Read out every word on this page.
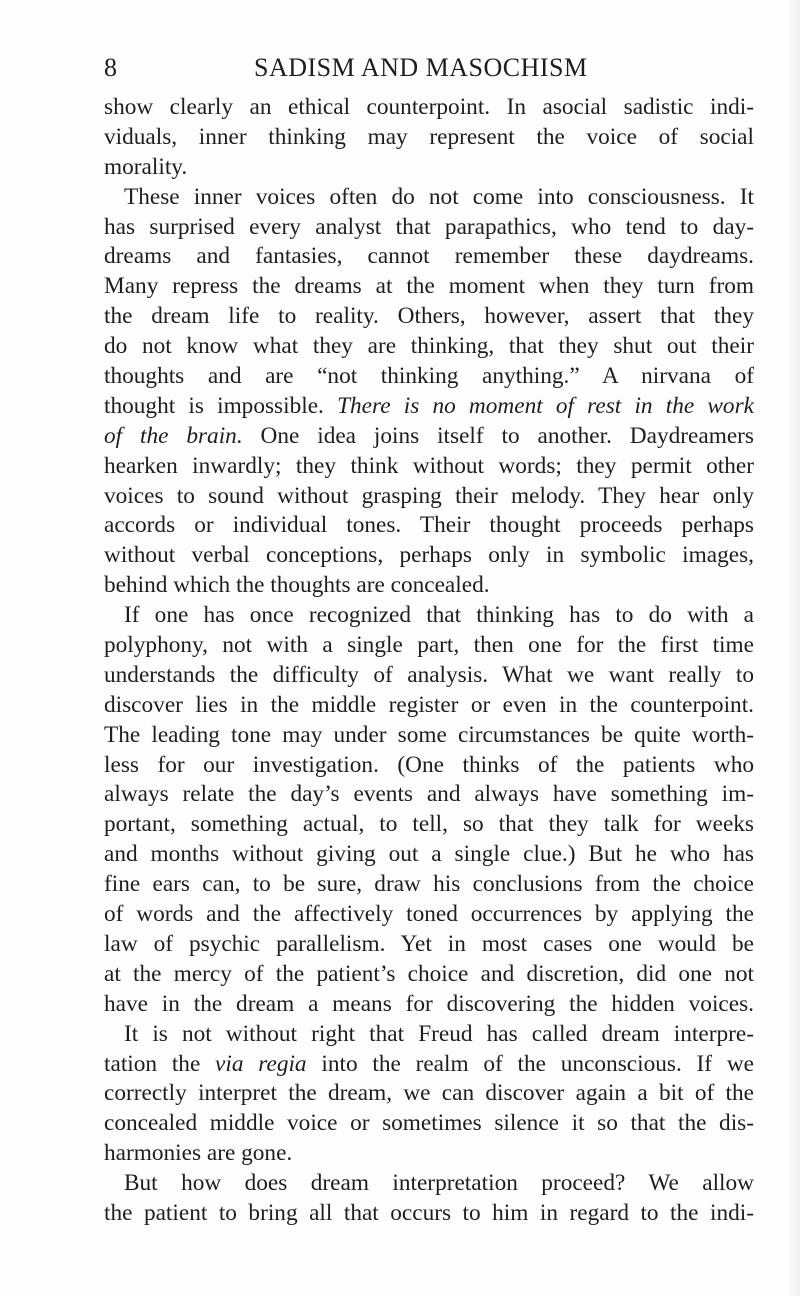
8	SADISM AND MASOCHISM
show clearly an ethical counterpoint. In asocial sadistic indi-
viduals, inner thinking may represent the voice of social
morality.
These inner voices often do not come into consciousness. It
has surprised every analyst that parapathics, who tend to day-
dreams and fantasies, cannot remember these daydreams.
Many repress the dreams at the moment when they turn from
the dream life to reality. Others, however, assert that they
do not know what they are thinking, that they shut out their
thoughts and are “not thinking anything.” A nirvana of
thought is impossible. There is no moment of rest in the work
of the brain. One idea joins itself to another. Daydreamers
hearken inwardly; they think without words; they permit other
voices to sound without grasping their melody. They hear only
accords or individual tones. Their thought proceeds perhaps
without verbal conceptions, perhaps only in symbolic images,
behind which the thoughts are concealed.
If one has once recognized that thinking has to do with a
polyphony, not with a single part, then one for the first time
understands the difficulty of analysis. What we want really to
discover lies in the middle register or even in the counterpoint.
The leading tone may under some circumstances be quite worth-
less for our investigation. (One thinks of the patients who
always relate the day’s events and always have something im-
portant, something actual, to tell, so that they talk for weeks
and months without giving out a single clue.) But he who has
fine ears can, to be sure, draw his conclusions from the choice
of words and the affectively toned occurrences by applying the
law of psychic parallelism. Yet in most cases one would be
at the mercy of the patient’s choice and discretion, did one not
have in the dream a means for discovering the hidden voices.
It is not without right that Freud has called dream interpre-
tation the via regia into the realm of the unconscious. If we
correctly interpret the dream, we can discover again a bit of the
concealed middle voice or sometimes silence it so that the dis-
harmonies are gone.
But how does dream interpretation proceed? We allow
the patient to bring all that occurs to him in regard to the indi-
